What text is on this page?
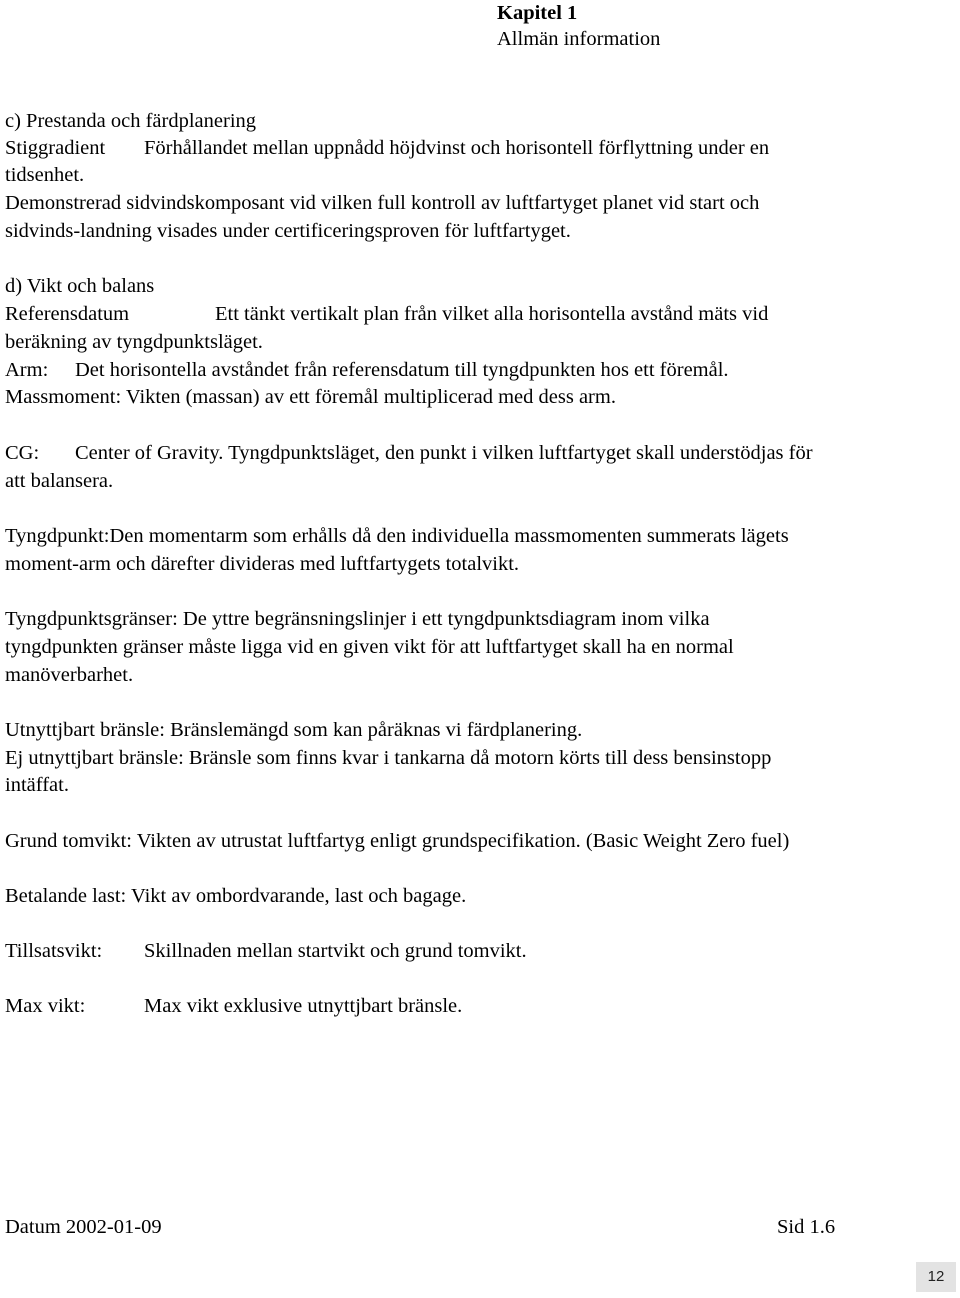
Kapitel 1
Allmän information
c) Prestanda och färdplanering
Stiggradient Förhållandet mellan uppnådd höjdvinst och horisontell förflyttning under en
tidsenhet.
Demonstrerad sidvindskomposant vid vilken full kontroll av luftfartyget planet vid start och
sidvinds-landning visades under certificeringsproven för luftfartyget.
d) Vikt och balans
Referensdatum	Ett tänkt vertikalt plan från vilket alla horisontella avstånd mäts vid
beräkning av tyngdpunktsläget.
Arm: Det horisontella avståndet från referensdatum till tyngdpunkten hos ett föremål.
Massmoment: Vikten (massan) av ett föremål multiplicerad med dess arm.
CG: Center of Gravity. Tyngdpunktsläget, den punkt i vilken luftfartyget skall understödjas för
att balansera.
Tyngdpunkt:Den momentarm som erhålls då den individuella massmomenten summerats lägets
moment-arm och därefter divideras med luftfartygets totalvikt.
Tyngdpunktsgränser: De yttre begränsningslinjer i ett tyngdpunktsdiagram inom vilka
tyngdpunkten gränser måste ligga vid en given vikt för att luftfartyget skall ha en normal
manöverbarhet.
Utnyttjbart bränsle: Bränslemängd som kan påräknas vi färdplanering.
Ej utnyttjbart bränsle: Bränsle som finns kvar i tankarna då motorn körts till dess bensinstopp
intäffat.
Grund tomvikt: Vikten av utrustat luftfartyg enligt grundspecifikation. (Basic Weight Zero fuel)
Betalande last: Vikt av ombordvarande, last och bagage.
Tillsatsvikt: Skillnaden mellan startvikt och grund tomvikt.
Max vikt:	Max vikt exklusive utnyttjbart bränsle.
Datum 2002-01-09	Sid 1.6
12
